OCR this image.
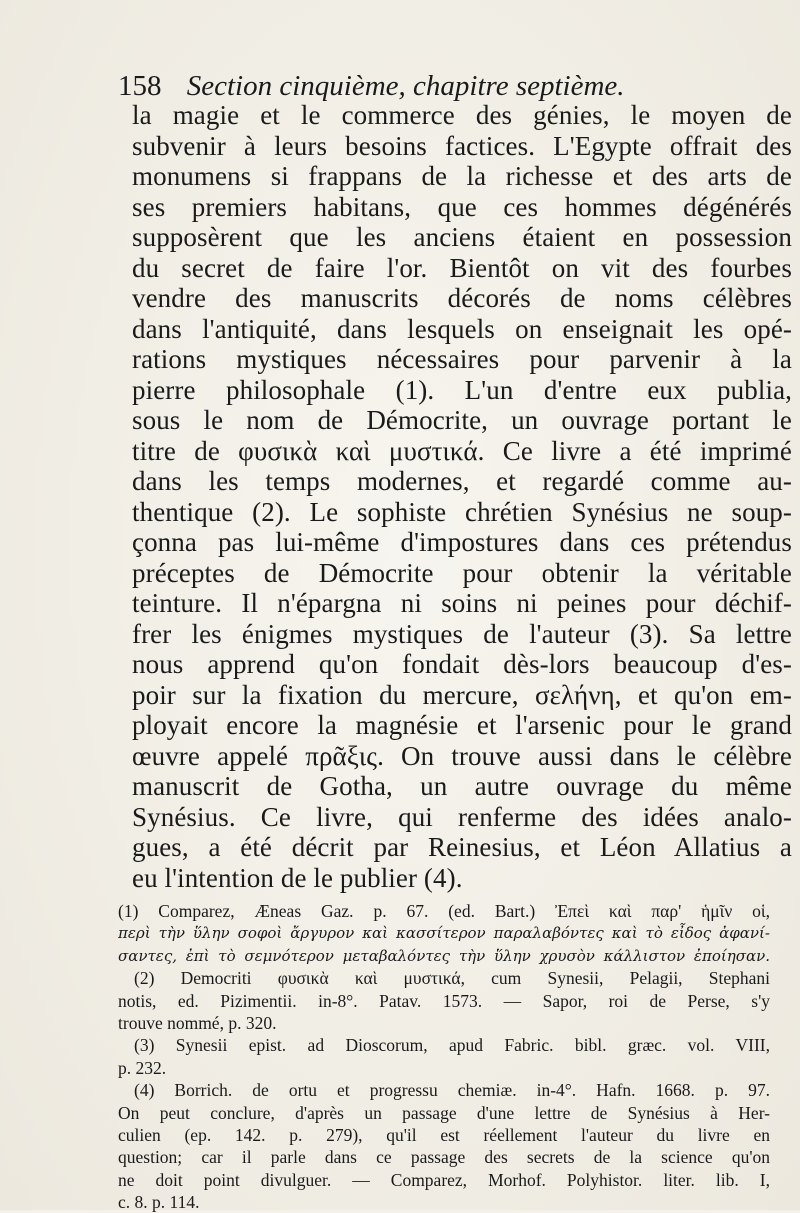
158 Section cinquième, chapitre septième.
la magie et le commerce des génies, le moyen de
subvenir à leurs besoins factices. L'Egypte offrait des
monumens si frappans de la richesse et des arts de
ses premiers habitans, que ces hommes dégénérés
supposèrent que les anciens étaient en possession
du secret de faire l'or. Bientôt on vit des fourbes
vendre des manuscrits décorés de noms célèbres
dans l'antiquité, dans lesquels on enseignait les opé-
rations mystiques nécessaires pour parvenir à la
pierre philosophale (1). L'un d'entre eux publia,
sous le nom de Démocrite, un ouvrage portant le
titre de φυσικὰ καὶ μυστικά. Ce livre a été imprimé
dans les temps modernes, et regardé comme au-
thentique (2). Le sophiste chrétien Synésius ne soup-
çonna pas lui-même d'impostures dans ces prétendus
préceptes de Démocrite pour obtenir la véritable
teinture. Il n'épargna ni soins ni peines pour déchif-
frer les énigmes mystiques de l'auteur (3). Sa lettre
nous apprend qu'on fondait dès-lors beaucoup d'es-
poir sur la fixation du mercure, σελήνη, et qu'on em-
ployait encore la magnésie et l'arsenic pour le grand
œuvre appelé πρᾶξις. On trouve aussi dans le célèbre
manuscrit de Gotha, un autre ouvrage du même
Synésius. Ce livre, qui renferme des idées analo-
gues, a été décrit par Reinesius, et Léon Allatius a
eu l'intention de le publier (4).
(1) Comparez, Æneas Gaz. p. 67. (ed. Bart.) Ἐπεὶ καὶ παρ' ἡμῖν οἱ,
περὶ τὴν ὕλην σοφοὶ ἄργυρον καὶ κασσίτερον παραλαβόντες καὶ τὸ εἶδος ἀφανί-
σαντες, ἐπὶ τὸ σεμνότερον μεταβαλόντες τὴν ὕλην χρυσὸν κάλλιστον ἐποίησαν.
(2) Democriti φυσικὰ καὶ μυστικά, cum Synesii, Pelagii, Stephani
notis, ed. Pizimentii. in-8°. Patav. 1573. — Sapor, roi de Perse, s'y
trouve nommé, p. 320.
(3) Synesii epist. ad Dioscorum, apud Fabric. bibl. græc. vol. VIII,
p. 232.
(4) Borrich. de ortu et progressu chemiæ. in-4°. Hafn. 1668. p. 97.
On peut conclure, d'après un passage d'une lettre de Synésius à Her-
culien (ep. 142. p. 279), qu'il est réellement l'auteur du livre en
question; car il parle dans ce passage des secrets de la science qu'on
ne doit point divulguer. — Comparez, Morhof. Polyhistor. liter. lib. I,
c. 8. p. 114.
